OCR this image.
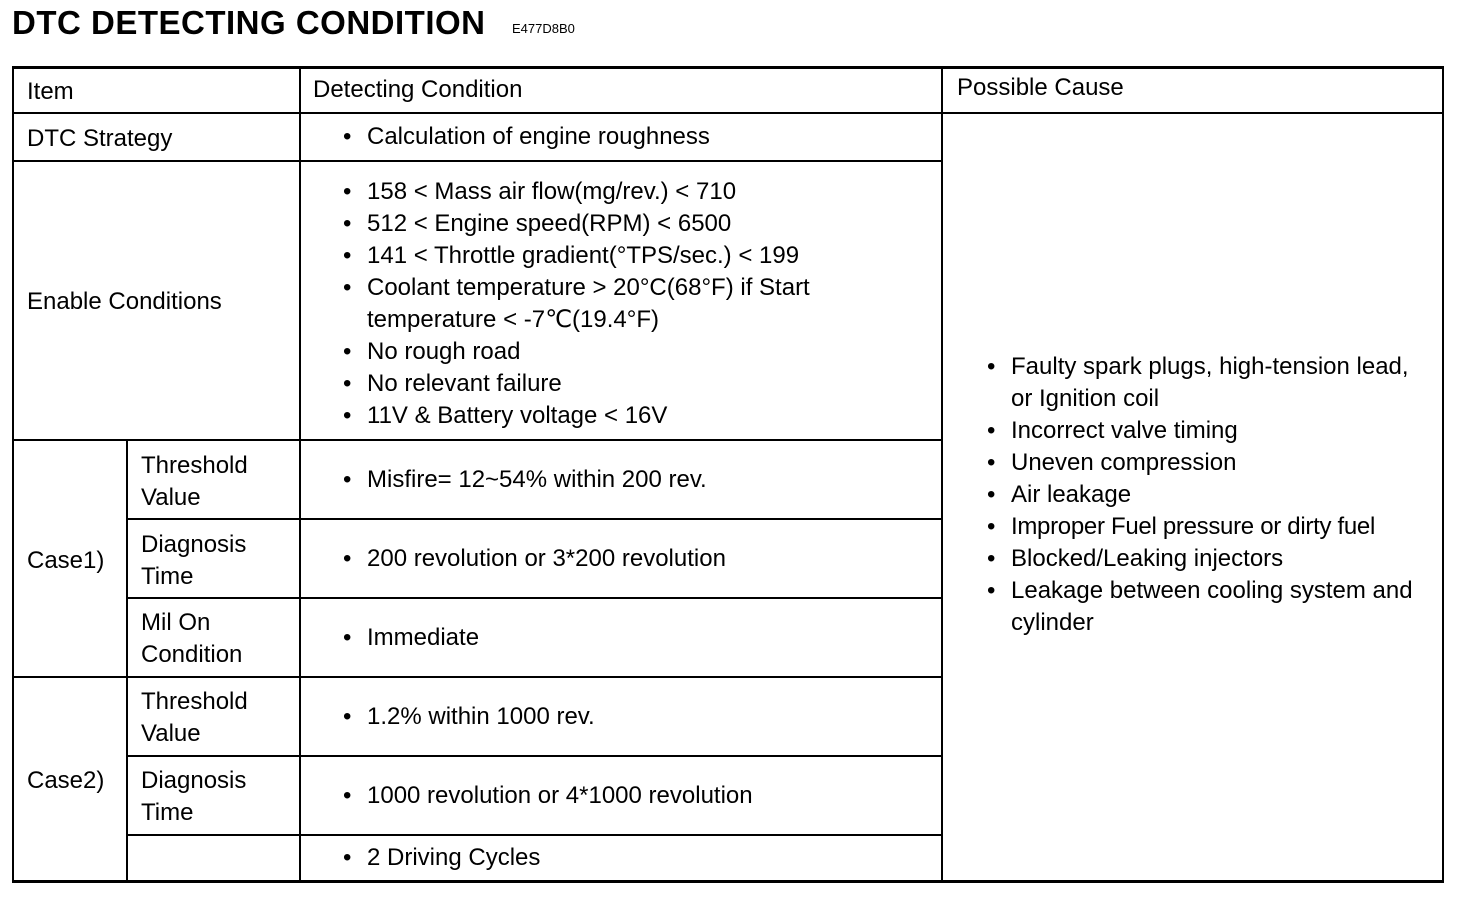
DTC DETECTING CONDITION E477D8B0
Item	Detecting Condition	Possible Cause
DTC Strategy
•	Calculation of engine roughness
Enable Conditions
• 158 < Mass air flow(mg/rev.) < 710
• 512 < Engine speed(RPM) < 6500
• 141 < Throttle gradient(°TPS/sec.) < 199
• Coolant temperature > 20°C(68°F) if Start temperature < -7℃(19.4°F)
• No rough road
• No relevant failure
• 11V & Battery voltage < 16V
Case1)
Threshold Value
• Misfire= 12~54% within 200 rev.
Diagnosis Time
• 200 revolution or 3*200 revolution
Mil On Condition
• Immediate
Case2)
Threshold Value
• 1.2% within 1000 rev.
Diagnosis Time
• 1000 revolution or 4*1000 revolution
• 2 Driving Cycles
• Faulty spark plugs, high-tension lead, or Ignition coil
• Incorrect valve timing
• Uneven compression
• Air leakage
• Improper Fuel pressure or dirty fuel
• Blocked/Leaking injectors
• Leakage between cooling system and cylinder
